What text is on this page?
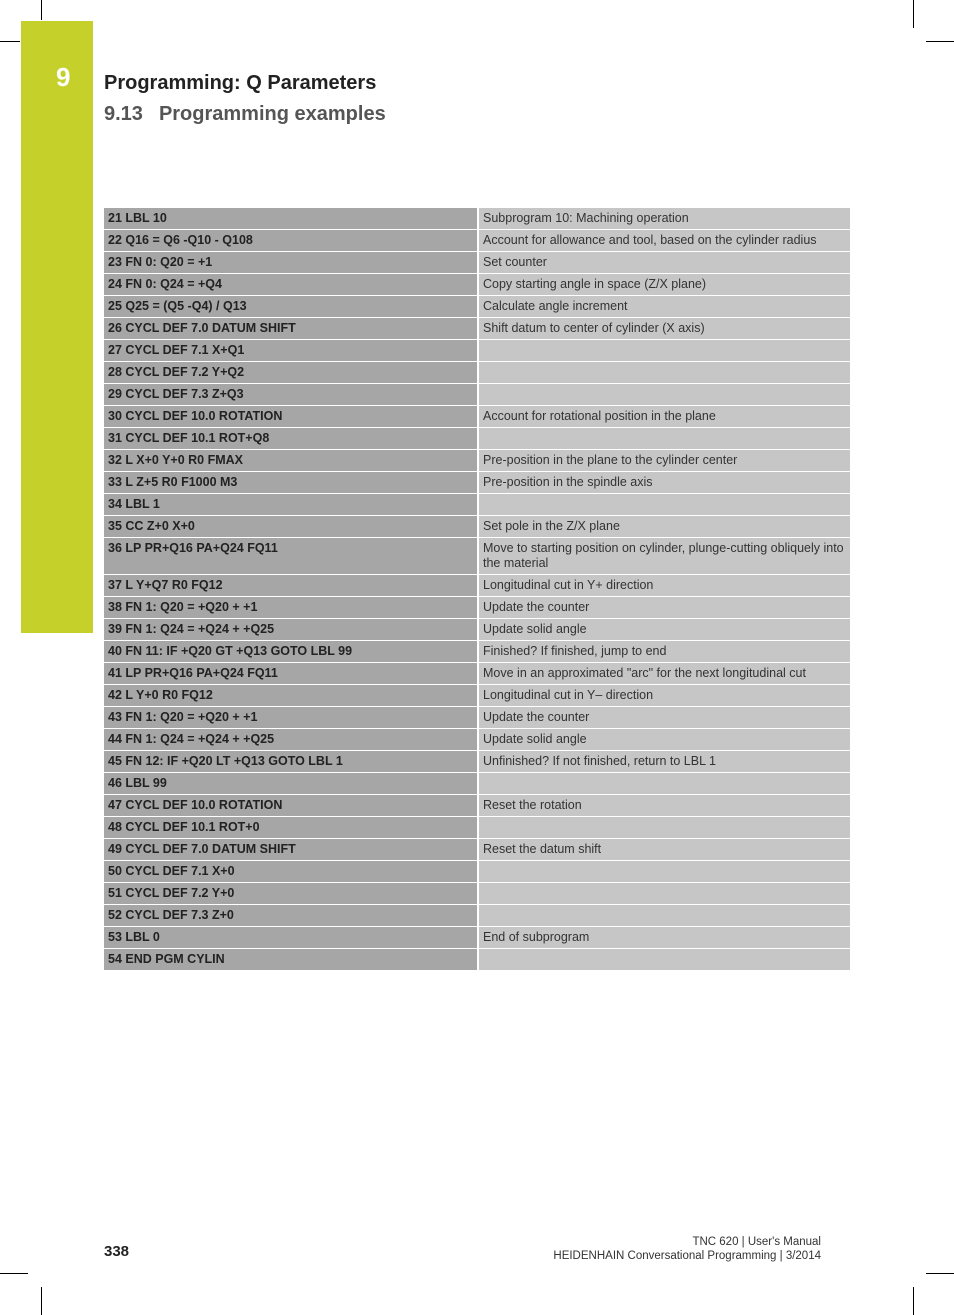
9 Programming: Q Parameters
9.13 Programming examples
21 LBL 10	Subprogram 10: Machining operation
22 Q16 = Q6 -Q10 - Q108	Account for allowance and tool, based on the cylinder radius
23 FN 0: Q20 = +1	Set counter
24 FN 0: Q24 = +Q4	Copy starting angle in space (Z/X plane)
25 Q25 = (Q5 -Q4) / Q13	Calculate angle increment
26 CYCL DEF 7.0 DATUM SHIFT	Shift datum to center of cylinder (X axis)
27 CYCL DEF 7.1 X+Q1	
28 CYCL DEF 7.2 Y+Q2	
29 CYCL DEF 7.3 Z+Q3	
30 CYCL DEF 10.0 ROTATION	Account for rotational position in the plane
31 CYCL DEF 10.1 ROT+Q8	
32 L X+0 Y+0 R0 FMAX	Pre-position in the plane to the cylinder center
33 L Z+5 R0 F1000 M3	Pre-position in the spindle axis
34 LBL 1	
35 CC Z+0 X+0	Set pole in the Z/X plane
36 LP PR+Q16 PA+Q24 FQ11	Move to starting position on cylinder, plunge-cutting obliquely into the material
37 L Y+Q7 R0 FQ12	Longitudinal cut in Y+ direction
38 FN 1: Q20 = +Q20 + +1	Update the counter
39 FN 1: Q24 = +Q24 + +Q25	Update solid angle
40 FN 11: IF +Q20 GT +Q13 GOTO LBL 99	Finished? If finished, jump to end
41 LP PR+Q16 PA+Q24 FQ11	Move in an approximated "arc" for the next longitudinal cut
42 L Y+0 R0 FQ12	Longitudinal cut in Y– direction
43 FN 1: Q20 = +Q20 + +1	Update the counter
44 FN 1: Q24 = +Q24 + +Q25	Update solid angle
45 FN 12: IF +Q20 LT +Q13 GOTO LBL 1	Unfinished? If not finished, return to LBL 1
46 LBL 99	
47 CYCL DEF 10.0 ROTATION	Reset the rotation
48 CYCL DEF 10.1 ROT+0	
49 CYCL DEF 7.0 DATUM SHIFT	Reset the datum shift
50 CYCL DEF 7.1 X+0	
51 CYCL DEF 7.2 Y+0	
52 CYCL DEF 7.3 Z+0	
53 LBL 0	End of subprogram
54 END PGM CYLIN	
338
TNC 620 | User's Manual
HEIDENHAIN Conversational Programming | 3/2014
